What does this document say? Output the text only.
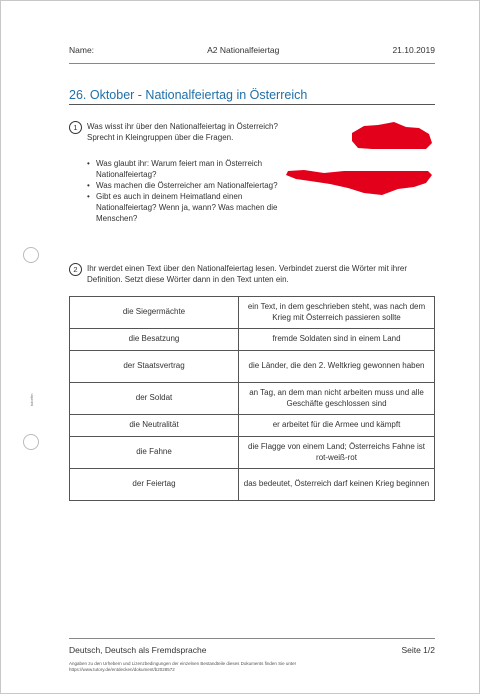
Name:	A2 Nationalfeiertag	21.10.2019
26. Oktober - Nationalfeiertag in Österreich
1	Was wisst ihr über den Nationalfeiertag in Österreich? Sprecht in Kleingruppen über die Fragen.
• Was glaubt ihr: Warum feiert man in Österreich Nationalfeiertag?
• Was machen die Österreicher am Nationalfeiertag?
• Gibt es auch in deinem Heimatland einen Nationalfeiertag? Wenn ja, wann? Was machen die Menschen?
2	Ihr werdet einen Text über den Nationalfeiertag lesen. Verbindet zuerst die Wörter mit ihrer Definition. Setzt diese Wörter dann in den Text unten ein.
tutorfm
die Siegermächte	ein Text, in dem geschrieben steht, was nach dem Krieg mit Österreich passieren sollte
die Besatzung	fremde Soldaten sind in einem Land
der Staatsvertrag	die Länder, die den 2. Weltkrieg gewonnen haben
der Soldat	an Tag, an dem man nicht arbeiten muss und alle Geschäfte geschlossen sind
die Neutralität	er arbeitet für die Armee und kämpft
die Fahne	die Flagge von einem Land; Österreichs Fahne ist rot-weiß-rot
der Feiertag	das bedeutet, Österreich darf keinen Krieg beginnen
Deutsch, Deutsch als Fremdsprache	Seite 1/2
Angaben zu den Urhebern und Lizenzbedingungen der einzelnen Bestandteile dieses Dokuments finden Sie unter https://www.tutory.de/entdecken/dokument/b2028572
